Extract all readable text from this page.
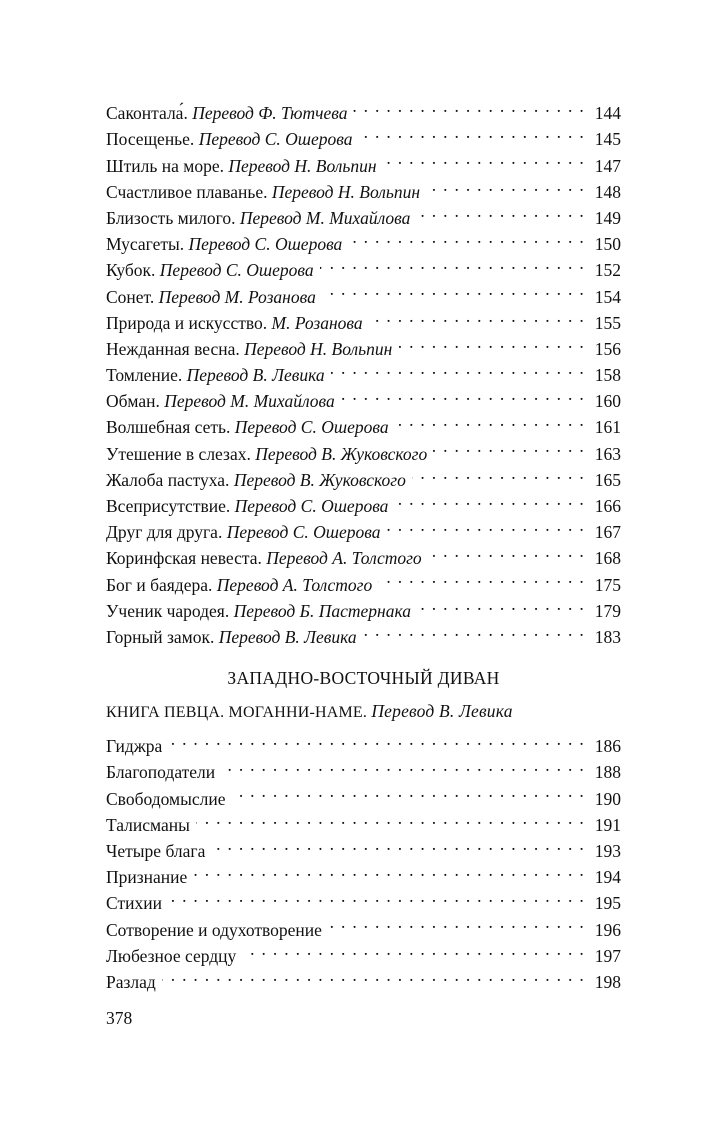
Саконтала́. Перевод Ф. Тютчева . . .	144
Посещенье. Перевод С. Ошерова . . .	145
Штиль на море. Перевод Н. Вольпин . . .	147
Счастливое плаванье. Перевод Н. Вольпин . . .	148
Близость милого. Перевод М. Михайлова . . .	149
Мусагеты. Перевод С. Ошерова . . .	150
Кубок. Перевод С. Ошерова . . .	152
Сонет. Перевод М. Розанова . . .	154
Природа и искусство. М. Розанова . . .	155
Нежданная весна. Перевод Н. Вольпин . . .	156
Томление. Перевод В. Левика . . .	158
Обман. Перевод М. Михайлова . . .	160
Волшебная сеть. Перевод С. Ошерова . . .	161
Утешение в слезах. Перевод В. Жуковского . . .	163
Жалоба пастуха. Перевод В. Жуковского . . .	165
Всеприсутствие. Перевод С. Ошерова . . .	166
Друг для друга. Перевод С. Ошерова . . .	167
Коринфская невеста. Перевод А. Толстого . . .	168
Бог и баядера. Перевод А. Толстого . . .	175
Ученик чародея. Перевод Б. Пастернака . . .	179
Горный замок. Перевод В. Левика . . .	183
ЗАПАДНО-ВОСТОЧНЫЙ ДИВАН
КНИГА ПЕВЦА. МОГАННИ-НАМЕ. Перевод В. Левика
Гиджра . . .	186
Благоподатели . . .	188
Свободомыслие . . .	190
Талисманы . . .	191
Четыре блага . . .	193
Признание . . .	194
Стихии . . .	195
Сотворение и одухотворение . . .	196
Любезное сердцу . . .	197
Разлад . . .	198
378
